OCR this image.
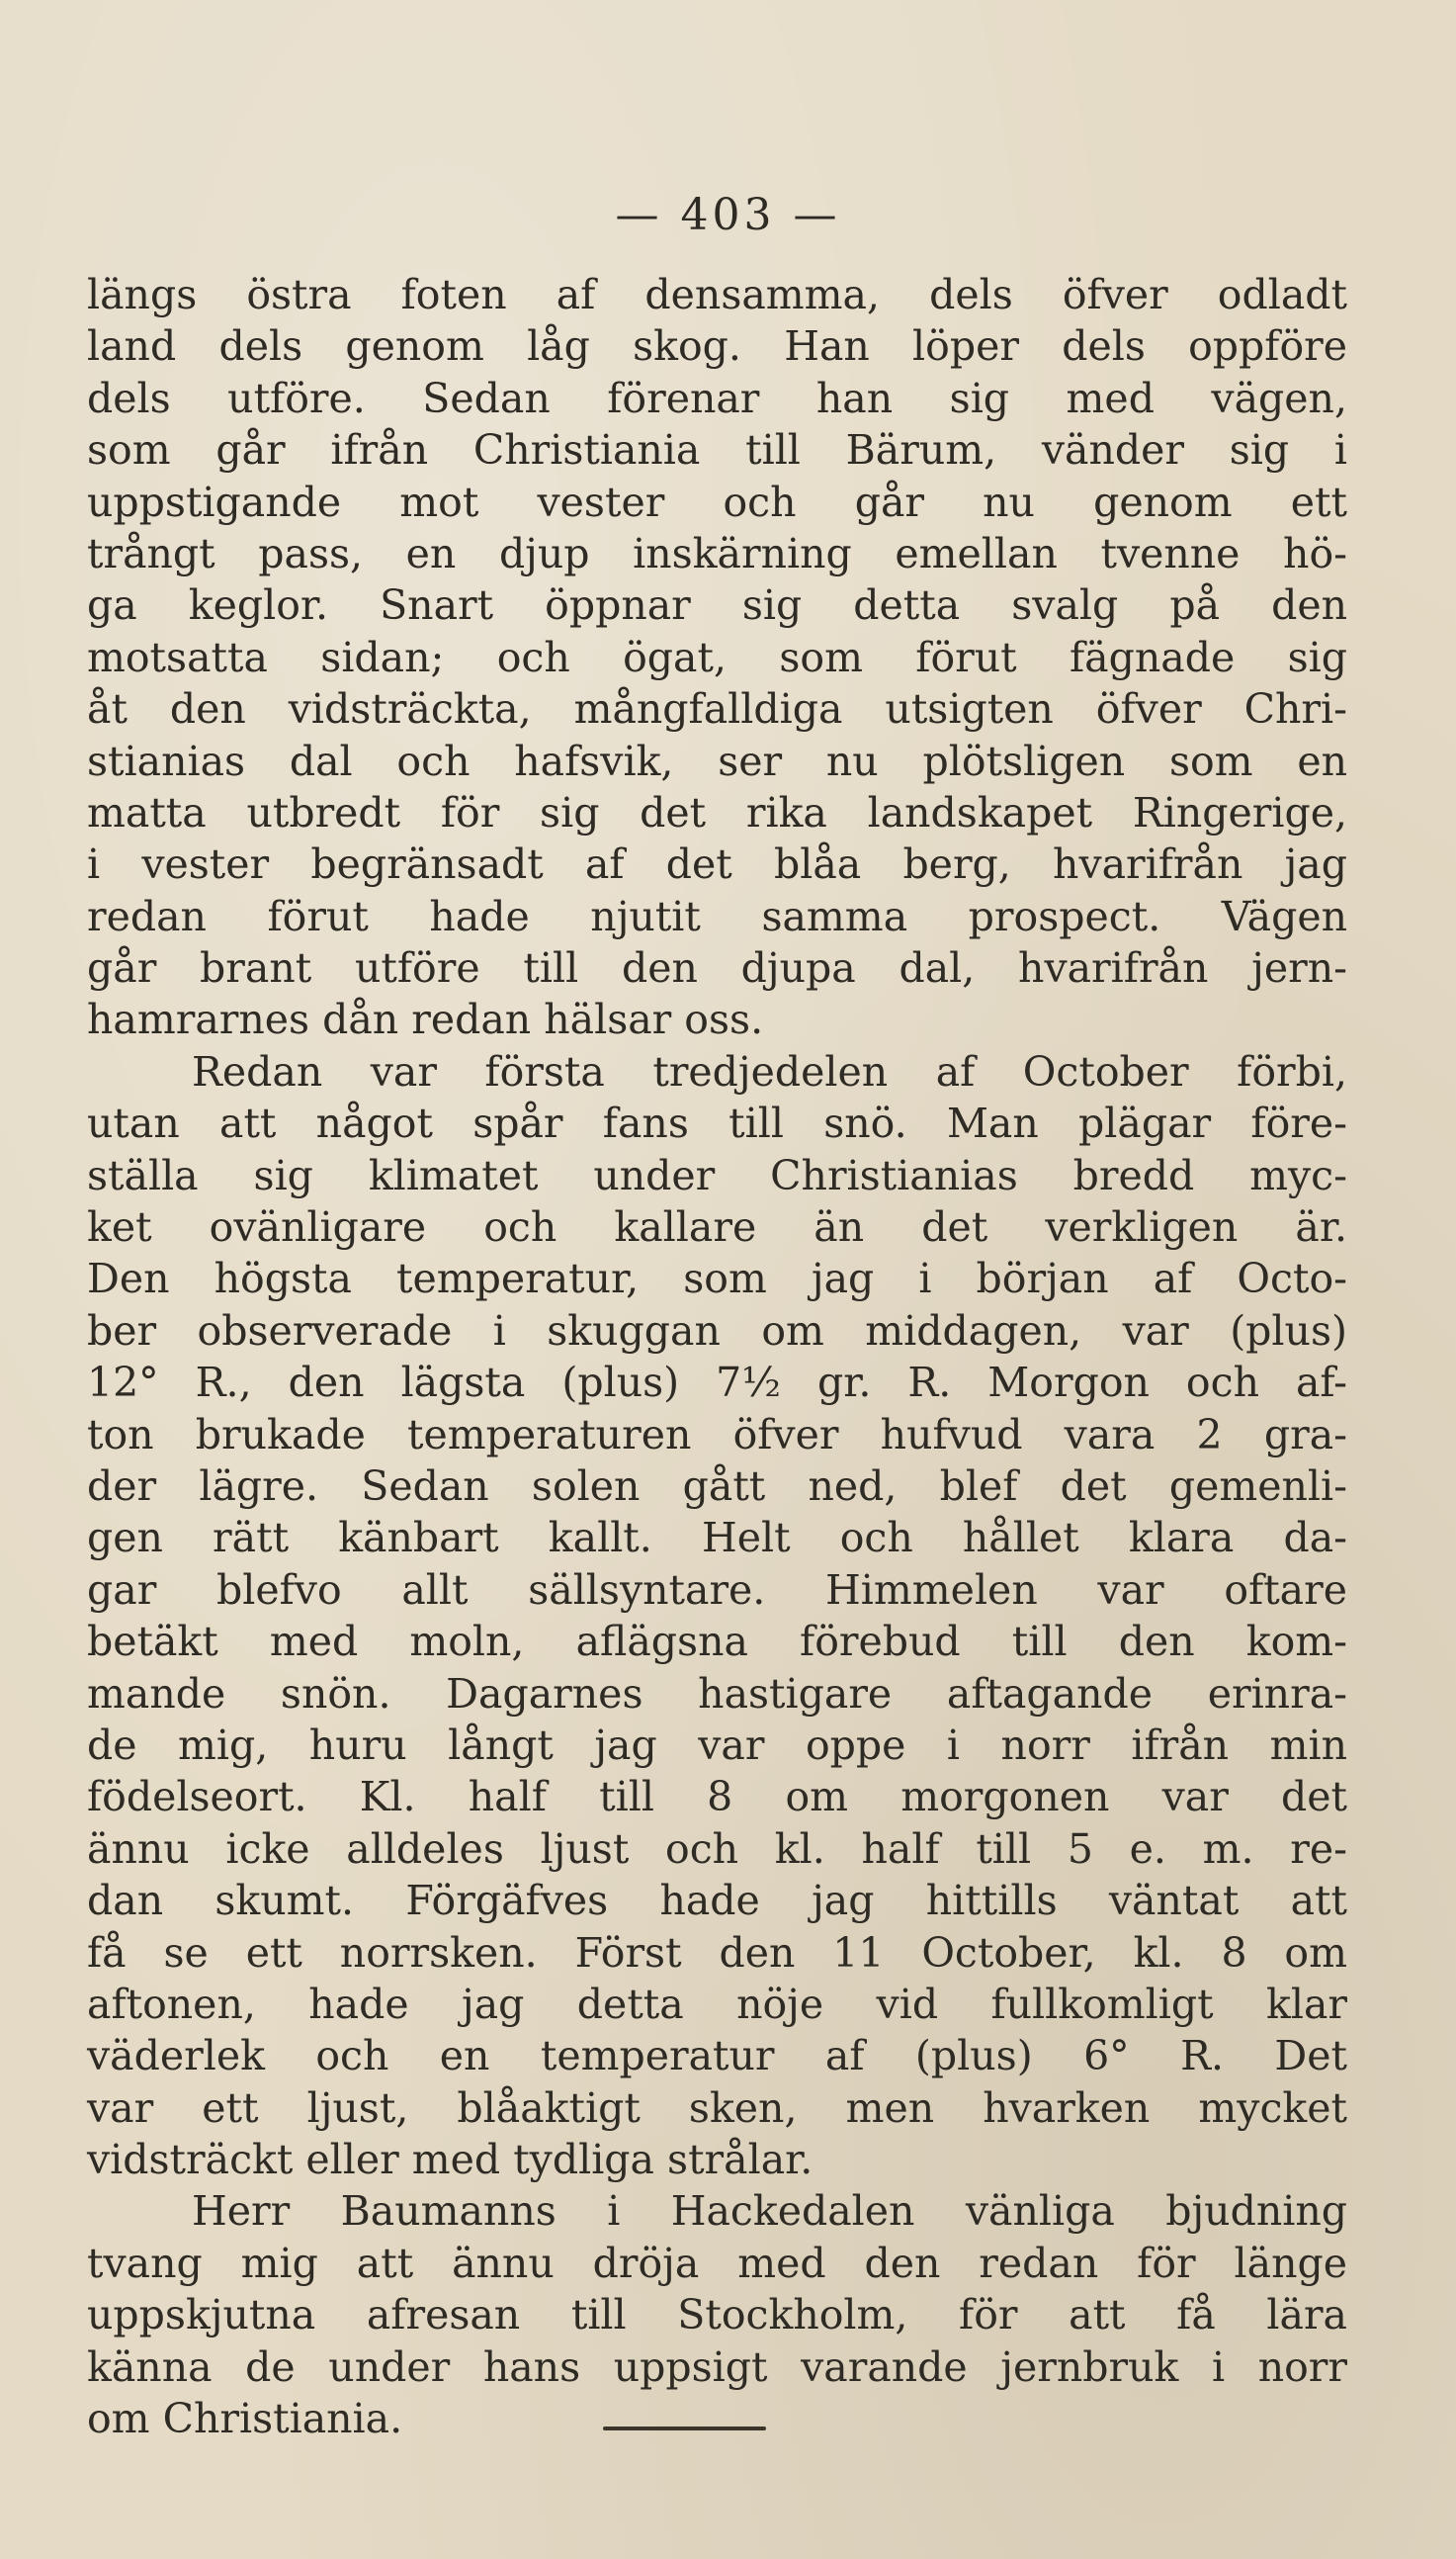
— 403 —
längs östra foten af densamma, dels öfver odladt
land dels genom låg skog. Han löper dels oppföre
dels utföre. Sedan förenar han sig med vägen,
som går ifrån Christiania till Bärum, vänder sig i
uppstigande mot vester och går nu genom ett
trångt pass, en djup inskärning emellan tvenne hö-
ga keglor. Snart öppnar sig detta svalg på den
motsatta sidan; och ögat, som förut fägnade sig
åt den vidsträckta, mångfalldiga utsigten öfver Chri-
stianias dal och hafsvik, ser nu plötsligen som en
matta utbredt för sig det rika landskapet Ringerige,
i vester begränsadt af det blåa berg, hvarifrån jag
redan förut hade njutit samma prospect. Vägen
går brant utföre till den djupa dal, hvarifrån jern-
hamrarnes dån redan hälsar oss.
Redan var första tredjedelen af October förbi,
utan att något spår fans till snö. Man plägar före-
ställa sig klimatet under Christianias bredd myc-
ket ovänligare och kallare än det verkligen är.
Den högsta temperatur, som jag i början af Octo-
ber observerade i skuggan om middagen, var (plus)
12° R., den lägsta (plus) 7½ gr. R. Morgon och af-
ton brukade temperaturen öfver hufvud vara 2 gra-
der lägre. Sedan solen gått ned, blef det gemenli-
gen rätt känbart kallt. Helt och hållet klara da-
gar blefvo allt sällsyntare. Himmelen var oftare
betäkt med moln, aflägsna förebud till den kom-
mande snön. Dagarnes hastigare aftagande erinra-
de mig, huru långt jag var oppe i norr ifrån min
födelseort. Kl. half till 8 om morgonen var det
ännu icke alldeles ljust och kl. half till 5 e. m. re-
dan skumt. Förgäfves hade jag hittills väntat att
få se ett norrsken. Först den 11 October, kl. 8 om
aftonen, hade jag detta nöje vid fullkomligt klar
väderlek och en temperatur af (plus) 6° R. Det
var ett ljust, blåaktigt sken, men hvarken mycket
vidsträckt eller med tydliga strålar.
Herr Baumanns i Hackedalen vänliga bjudning
tvang mig att ännu dröja med den redan för länge
uppskjutna afresan till Stockholm, för att få lära
känna de under hans uppsigt varande jernbruk i norr
om Christiania.
